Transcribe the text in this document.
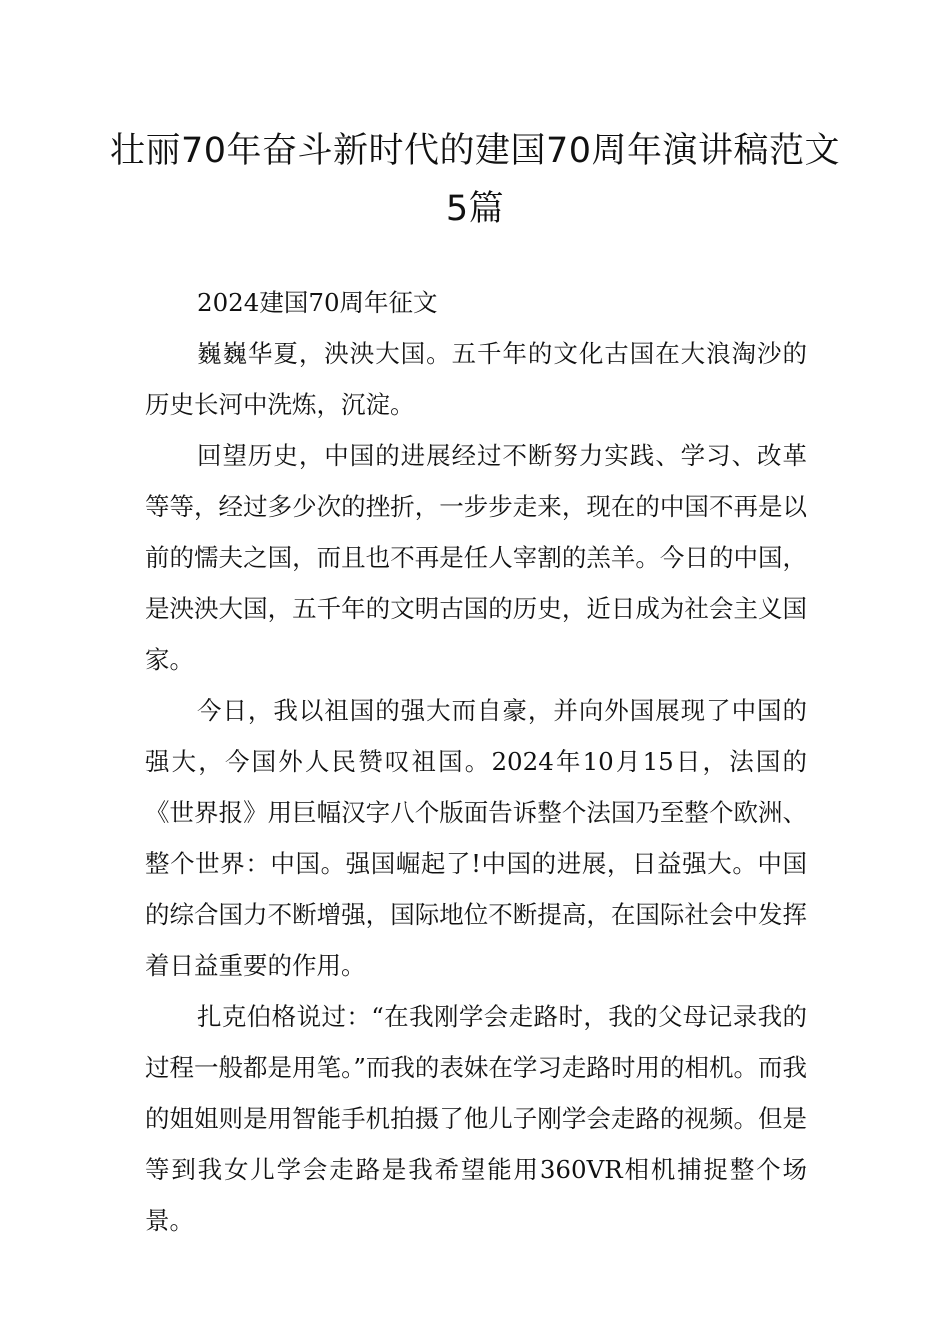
壮丽70年奋斗新时代的建国70周年演讲稿范文5篇

2024建国70周年征文

巍巍华夏，泱泱大国。五千年的文化古国在大浪淘沙的历史长河中洗炼，沉淀。

回望历史，中国的进展经过不断努力实践、学习、改革等等，经过多少次的挫折，一步步走来，现在的中国不再是以前的懦夫之国，而且也不再是任人宰割的羔羊。今日的中国，是泱泱大国，五千年的文明古国的历史，近日成为社会主义国家。

今日，我以祖国的强大而自豪，并向外国展现了中国的强大，今国外人民赞叹祖国。2024年10月15日，法国的《世界报》用巨幅汉字八个版面告诉整个法国乃至整个欧洲、整个世界：中国。强国崛起了!中国的进展，日益强大。中国的综合国力不断增强，国际地位不断提高，在国际社会中发挥着日益重要的作用。

扎克伯格说过：“在我刚学会走路时，我的父母记录我的过程一般都是用笔。”而我的表妹在学习走路时用的相机。而我的姐姐则是用智能手机拍摄了他儿子刚学会走路的视频。但是等到我女儿学会走路是我希望能用360VR相机捕捉整个场景。
